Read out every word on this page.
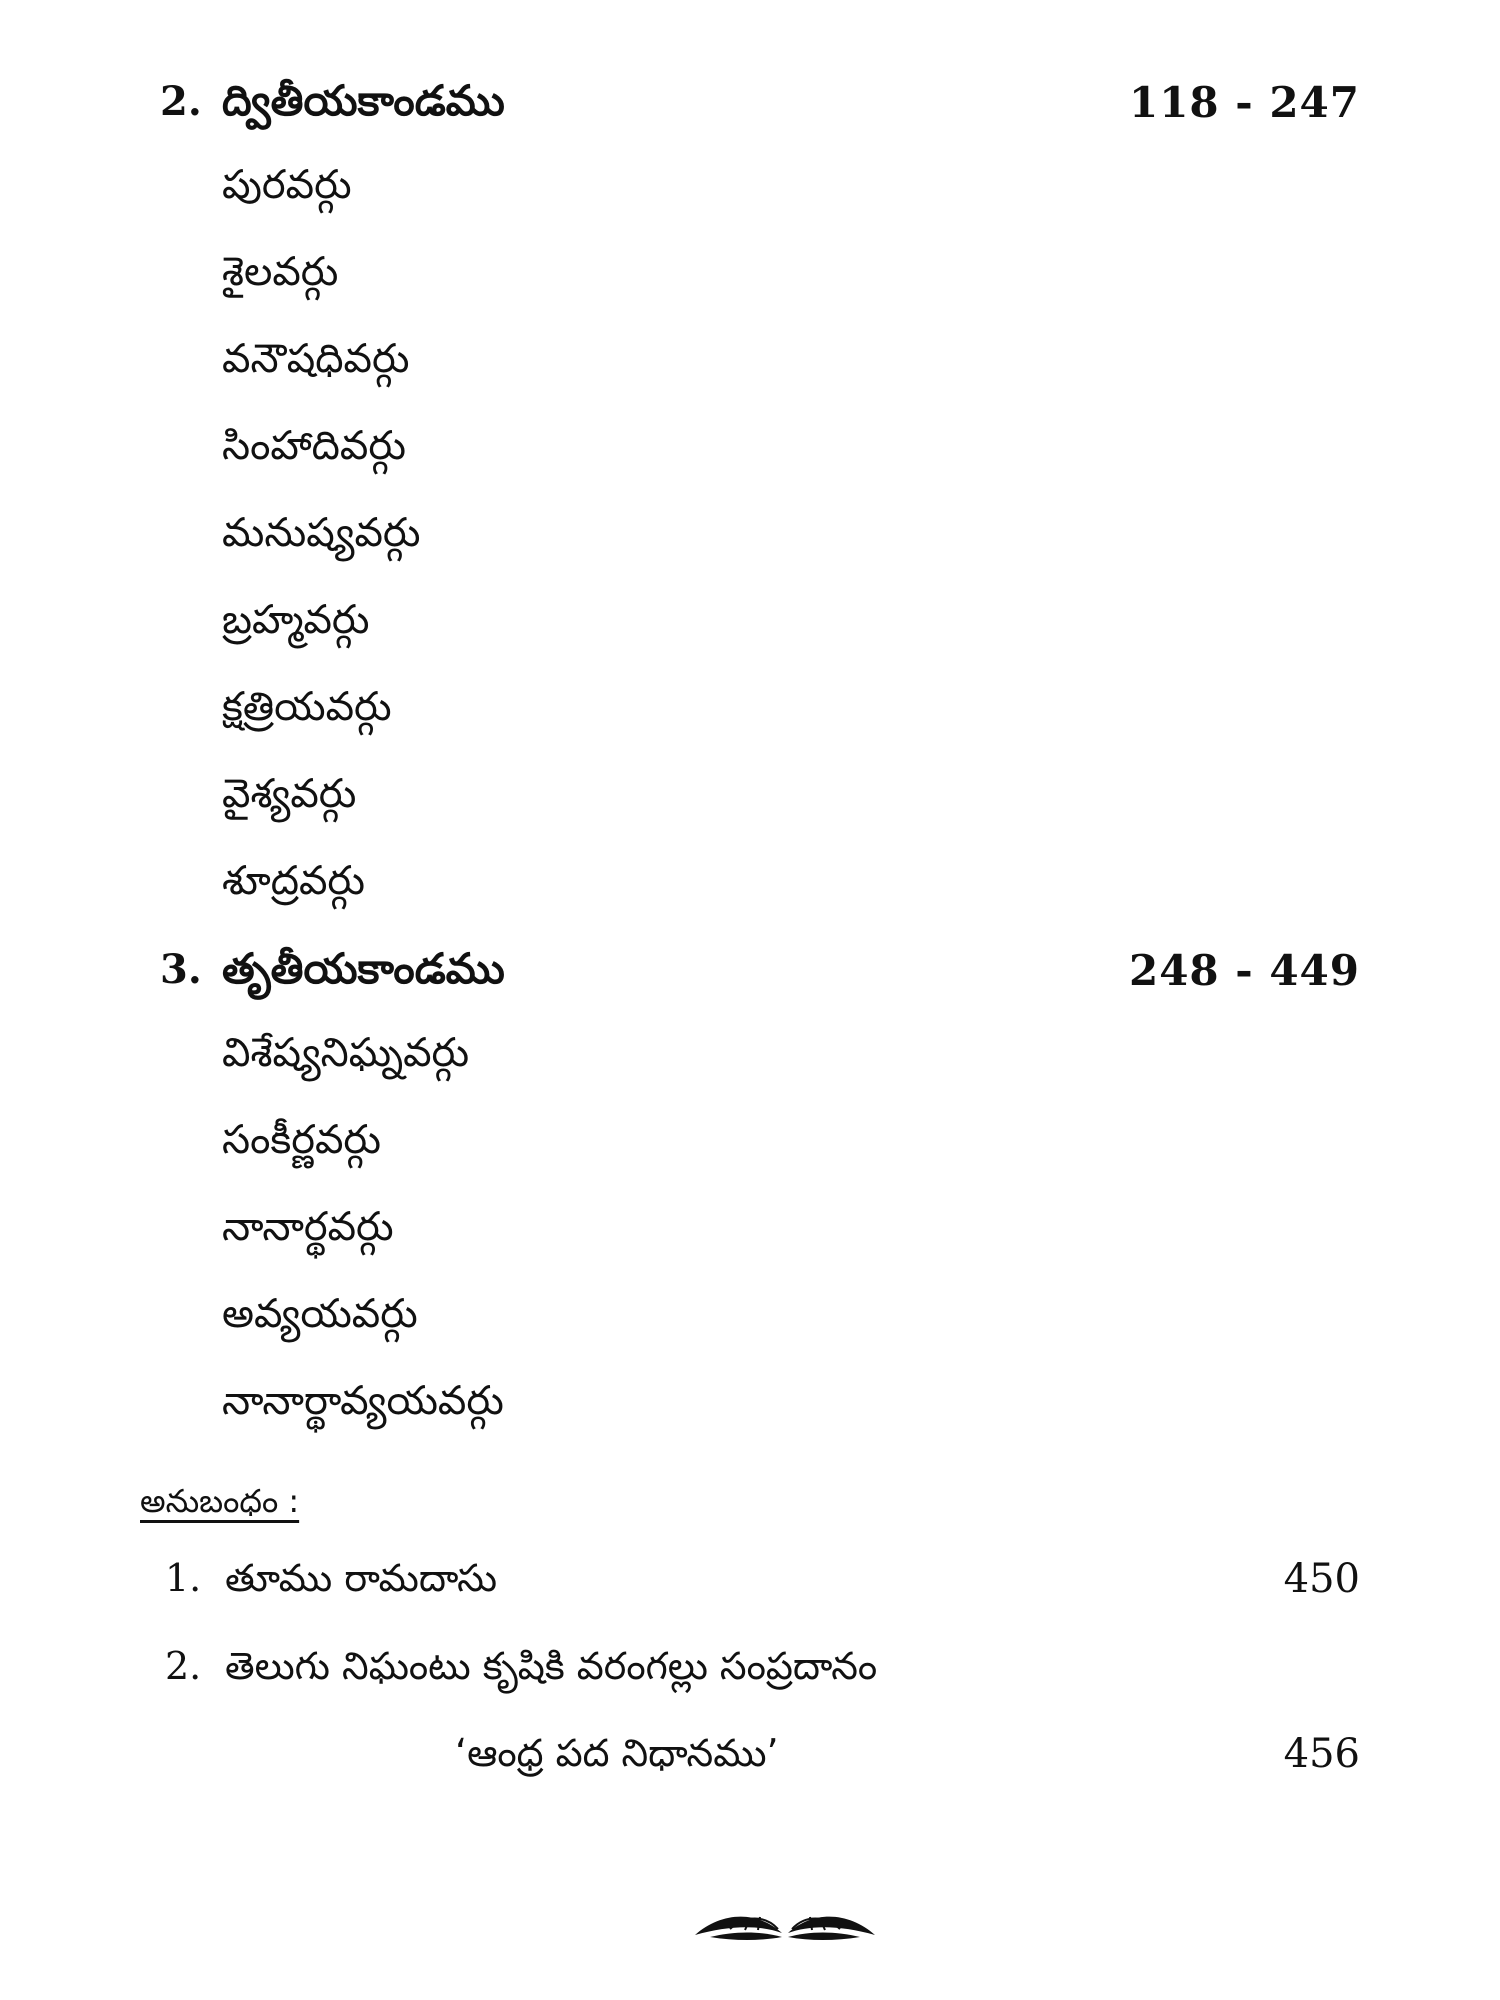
2. ద్వితీయకాండము	118 - 247
పురవర్గు
శైలవర్గు
వనౌషధివర్గు
సింహాదివర్గు
మనుష్యవర్గు
బ్రహ్మవర్గు
క్షత్రియవర్గు
వైశ్యవర్గు
శూద్రవర్గు
3. తృతీయకాండము	248 - 449
విశేష్యనిఘ్నవర్గు
సంకీర్ణవర్గు
నానార్థవర్గు
అవ్యయవర్గు
నానార్థావ్యయవర్గు
అనుబంధం :
1. తూము రామదాసు	450
2. తెలుగు నిఘంటు కృషికి వరంగల్లు సంప్రదానం
‘ఆంధ్ర పద నిధానము’	456
